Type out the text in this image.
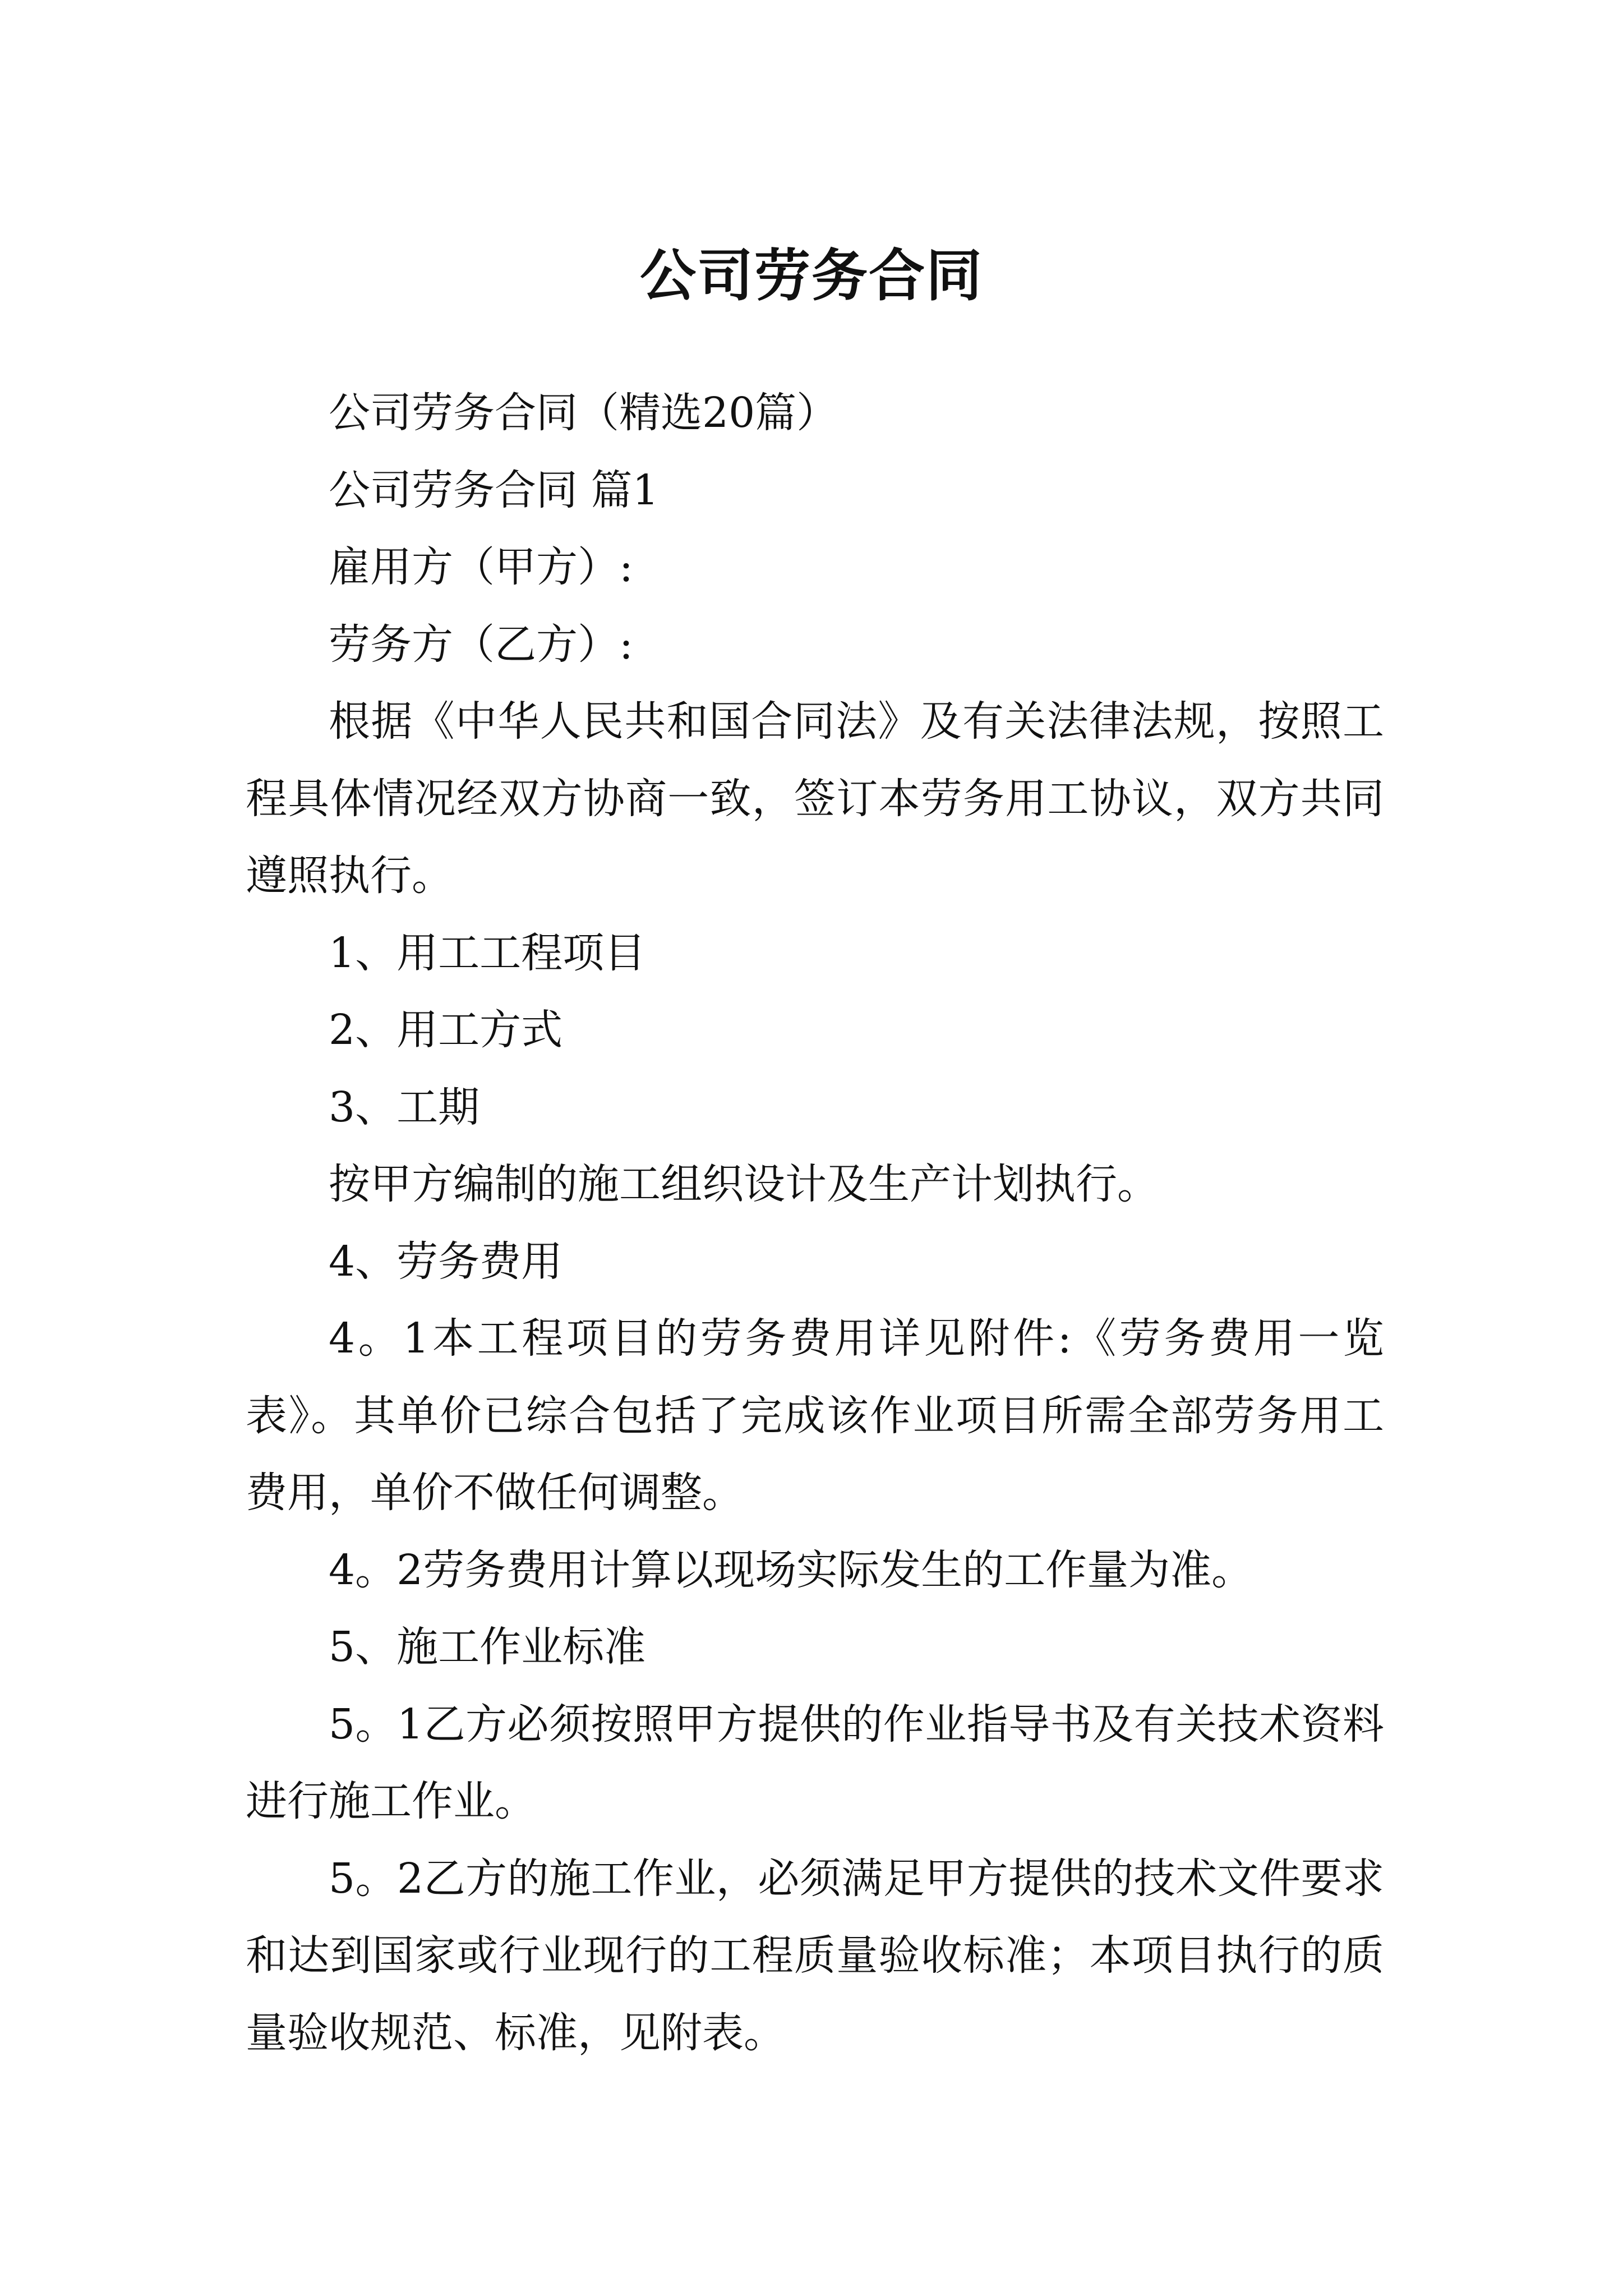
公司劳务合同

公司劳务合同（精选20篇）

公司劳务合同 篇1

雇用方（甲方）:

劳务方（乙方）:

根据《中华人民共和国合同法》及有关法律法规，按照工程具体情况经双方协商一致，签订本劳务用工协议，双方共同遵照执行。

1、用工工程项目

2、用工方式

3、工期

按甲方编制的施工组织设计及生产计划执行。

4、劳务费用

4。1本工程项目的劳务费用详见附件:《劳务费用一览表》。其单价已综合包括了完成该作业项目所需全部劳务用工费用，单价不做任何调整。

4。2劳务费用计算以现场实际发生的工作量为准。

5、施工作业标准

5。1乙方必须按照甲方提供的作业指导书及有关技术资料进行施工作业。

5。2乙方的施工作业，必须满足甲方提供的技术文件要求和达到国家或行业现行的工程质量验收标准；本项目执行的质量验收规范、标准，见附表。
